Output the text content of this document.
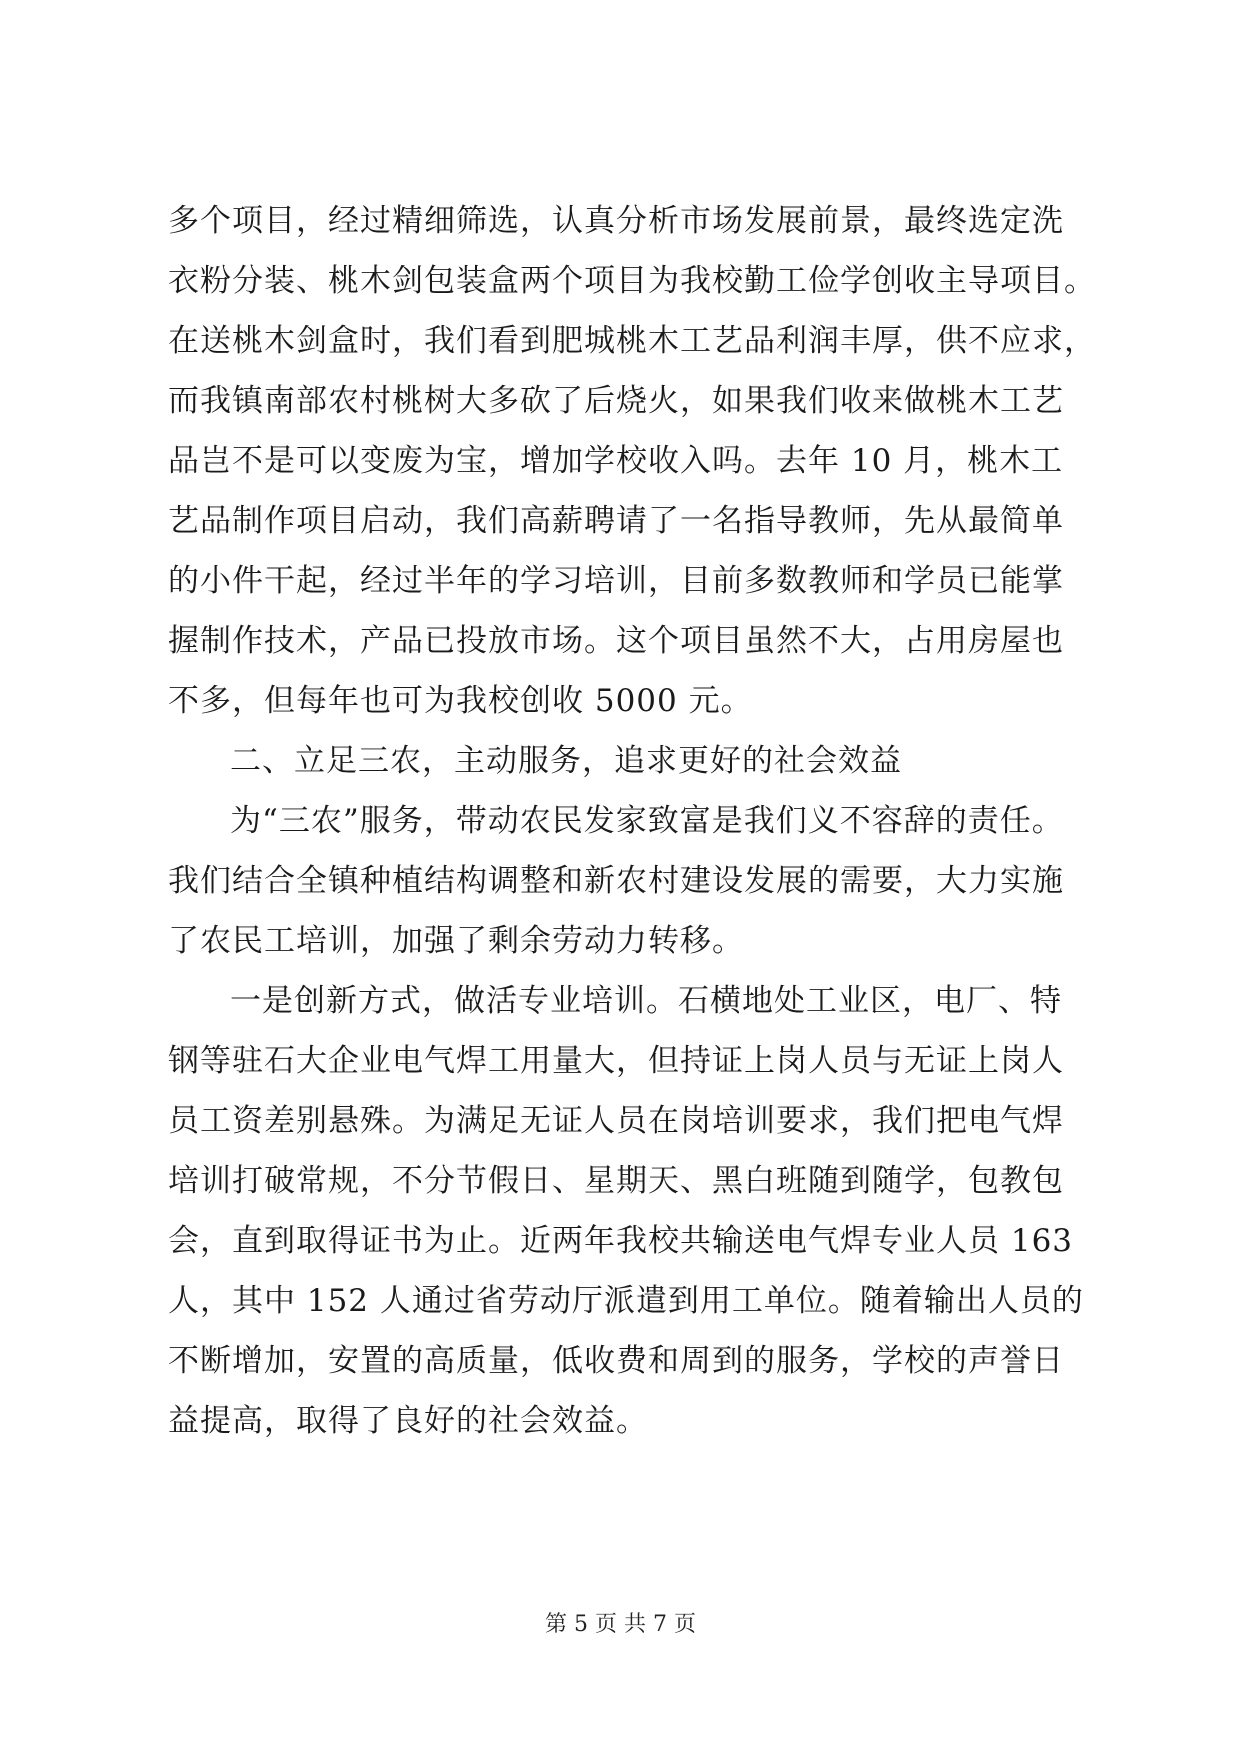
多个项目，经过精细筛选，认真分析市场发展前景，最终选定洗
衣粉分装、桃木剑包装盒两个项目为我校勤工俭学创收主导项目。
在送桃木剑盒时，我们看到肥城桃木工艺品利润丰厚，供不应求，
而我镇南部农村桃树大多砍了后烧火，如果我们收来做桃木工艺
品岂不是可以变废为宝，增加学校收入吗。去年 10 月，桃木工
艺品制作项目启动，我们高薪聘请了一名指导教师，先从最简单
的小件干起，经过半年的学习培训，目前多数教师和学员已能掌
握制作技术，产品已投放市场。这个项目虽然不大，占用房屋也
不多，但每年也可为我校创收 5000 元。
二、立足三农，主动服务，追求更好的社会效益
为“三农”服务，带动农民发家致富是我们义不容辞的责任。
我们结合全镇种植结构调整和新农村建设发展的需要，大力实施
了农民工培训，加强了剩余劳动力转移。
一是创新方式，做活专业培训。石横地处工业区，电厂、特
钢等驻石大企业电气焊工用量大，但持证上岗人员与无证上岗人
员工资差别悬殊。为满足无证人员在岗培训要求，我们把电气焊
培训打破常规，不分节假日、星期天、黑白班随到随学，包教包
会，直到取得证书为止。近两年我校共输送电气焊专业人员 163
人，其中 152 人通过省劳动厅派遣到用工单位。随着输出人员的
不断增加，安置的高质量，低收费和周到的服务，学校的声誉日
益提高，取得了良好的社会效益。
第 5 页 共 7 页
